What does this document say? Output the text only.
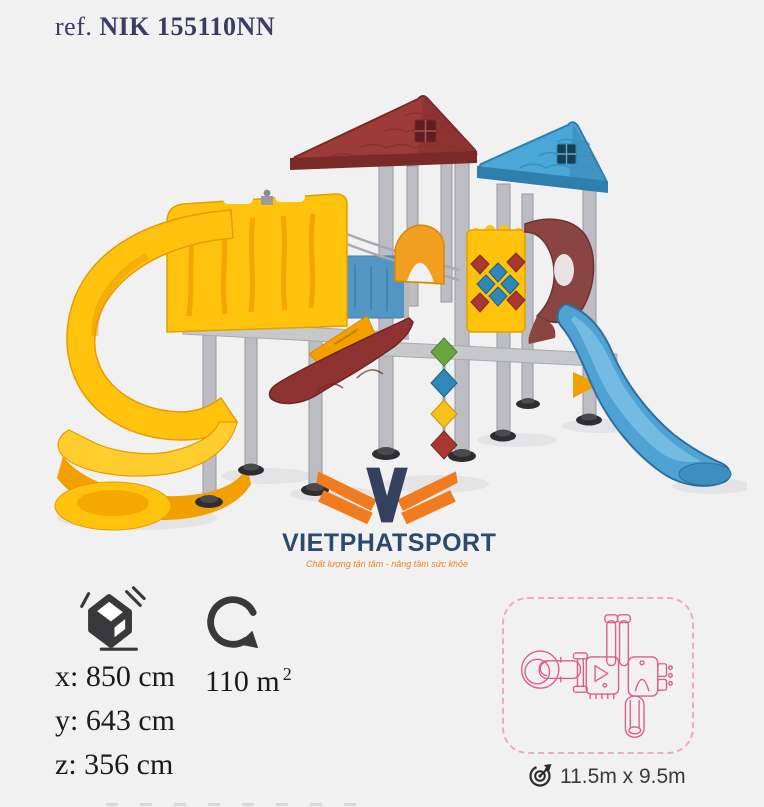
ref. NIK 155110NN
VIETPHATSPORT
Chất lượng tận tâm - nâng tầm sức khỏe
x: 850 cm
y: 643 cm
z: 356 cm
110 m $^2$
11.5m x 9.5m
